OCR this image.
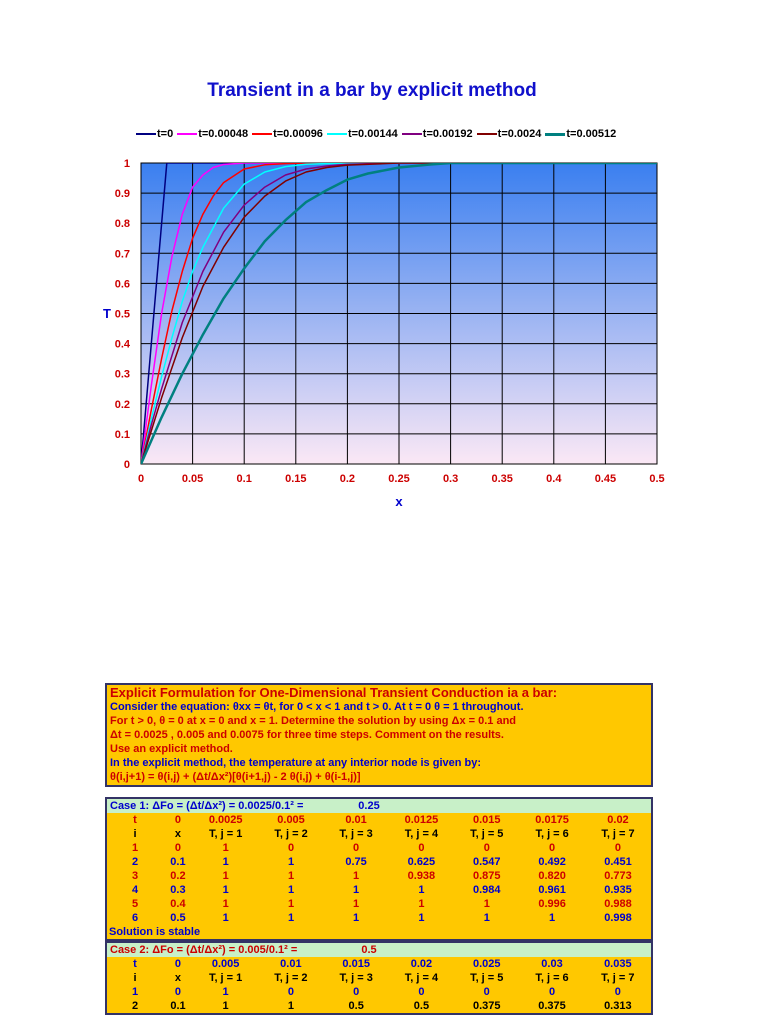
Transient in a bar by explicit method
t=0 t=0.00048 t=0.00096 t=0.00144 t=0.00192 t=0.0024 t=0.00512
0	0.05	0.1	0.15	0.2	0.25	0.3	0.35	0.4	0.45	0.5
0
0.1
0.2
0.3
0.4
0.5
0.6
0.7
0.8
0.9
1
T
x
Explicit Formulation for One-Dimensional Transient Conduction ia a bar:
Consider the equation: θxx = θt, for 0 < x < 1 and t > 0. At t = 0 θ = 1 throughout.
For t > 0, θ = 0 at x = 0 and x = 1. Determine the solution by using Δx = 0.1 and
Δt = 0.0025 , 0.005 and 0.0075 for three time steps. Comment on the results.
Use an explicit method.
In the explicit method, the temperature at any interior node is given by:
θ(i,j+1) = θ(i,j) + (Δt/Δx²)[θ(i+1,j) - 2 θ(i,j) + θ(i-1,j)]
Case 1: ΔFo = (Δt/Δx²) = 0.0025/0.1² =	0.25
t	0	0.0025	0.005	0.01	0.0125	0.015	0.0175	0.02
i	x	T, j = 1	T, j = 2	T, j = 3	T, j = 4	T, j = 5	T, j = 6	T, j = 7
1	0	1	0	0	0	0	0	0
2	0.1	1	1	0.75	0.625	0.547	0.492	0.451
3	0.2	1	1	1	0.938	0.875	0.820	0.773
4	0.3	1	1	1	1	0.984	0.961	0.935
5	0.4	1	1	1	1	1	0.996	0.988
6	0.5	1	1	1	1	1	1	0.998
Solution is stable								
Case 2: ΔFo = (Δt/Δx²) = 0.005/0.1² =	0.5
t	0	0.005	0.01	0.015	0.02	0.025	0.03	0.035
i	x	T, j = 1	T, j = 2	T, j = 3	T, j = 4	T, j = 5	T, j = 6	T, j = 7
1	0	1	0	0	0	0	0	0
2	0.1	1	1	0.5	0.5	0.375	0.375	0.313
